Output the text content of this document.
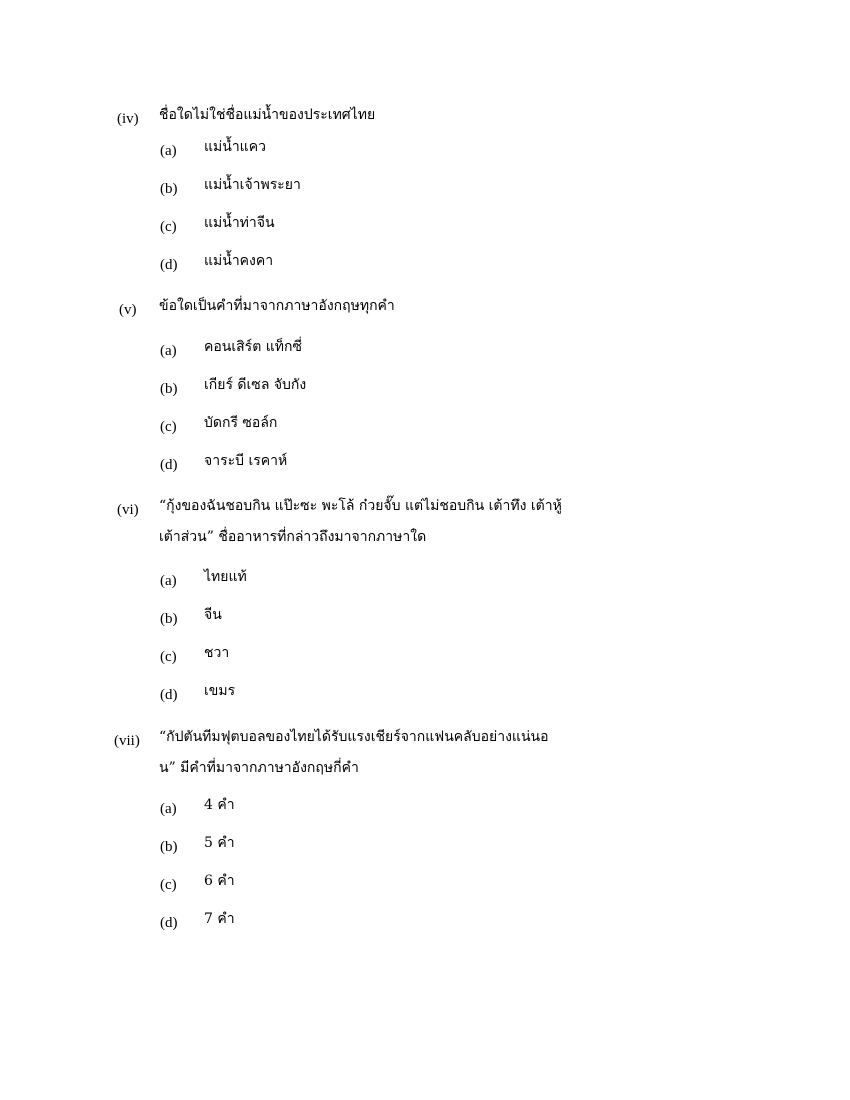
(iv) ชื่อใดไม่ใช่ชื่อแม่น้ำของประเทศไทย
(a) แม่น้ำแคว
(b) แม่น้ำเจ้าพระยา
(c) แม่น้ำท่าจีน
(d) แม่น้ำคงคา
(v) ข้อใดเป็นคำที่มาจากภาษาอังกฤษทุกคำ
(a) คอนเสิร์ต แท็กซี่
(b) เกียร์ ดีเซล จับกัง
(c) บัดกรี ซอล์ก
(d) จาระบี เรคาห์
(vi) “กุ้งของฉันชอบกิน แป๊ะซะ พะโล้ ก๋วยจั๊บ แต่ไม่ชอบกิน เต้าทึง เต้าหู้
เต้าส่วน” ชื่ออาหารที่กล่าวถึงมาจากภาษาใด
(a) ไทยแท้
(b) จีน
(c) ชวา
(d) เขมร
(vii) “กัปตันทีมฟุตบอลของไทยได้รับแรงเชียร์จากแฟนคลับอย่างแน่นอ
น” มีคำที่มาจากภาษาอังกฤษกี่คำ
(a) 4 คำ
(b) 5 คำ
(c) 6 คำ
(d) 7 คำ
